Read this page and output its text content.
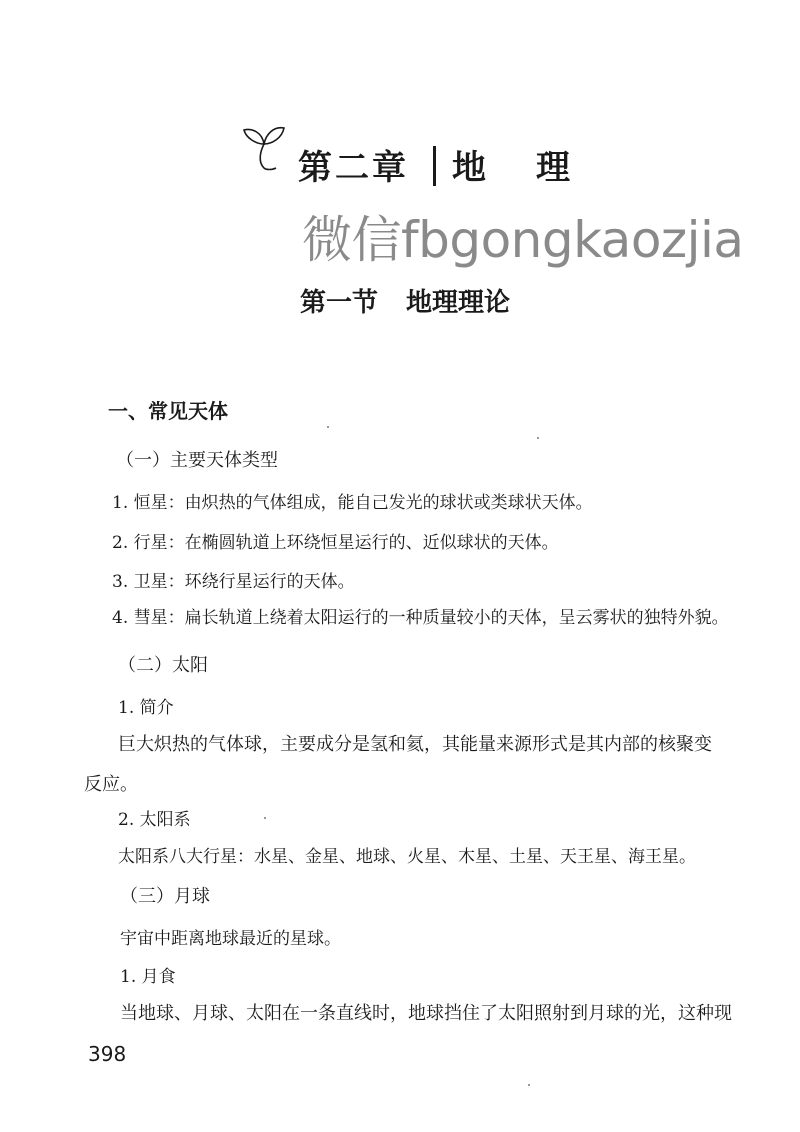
第二章 地理
微信fbgongkaozjia
第一节 地理理论
一、常见天体
（一）主要天体类型
1. 恒星：由炽热的气体组成，能自己发光的球状或类球状天体。
2. 行星：在椭圆轨道上环绕恒星运行的、近似球状的天体。
3. 卫星：环绕行星运行的天体。
4. 彗星：扁长轨道上绕着太阳运行的一种质量较小的天体，呈云雾状的独特外貌。
（二）太阳
1. 简介
巨大炽热的气体球，主要成分是氢和氦，其能量来源形式是其内部的核聚变
反应。
2. 太阳系
太阳系八大行星：水星、金星、地球、火星、木星、土星、天王星、海王星。
（三）月球
宇宙中距离地球最近的星球。
1. 月食
当地球、月球、太阳在一条直线时，地球挡住了太阳照射到月球的光，这种现
398
